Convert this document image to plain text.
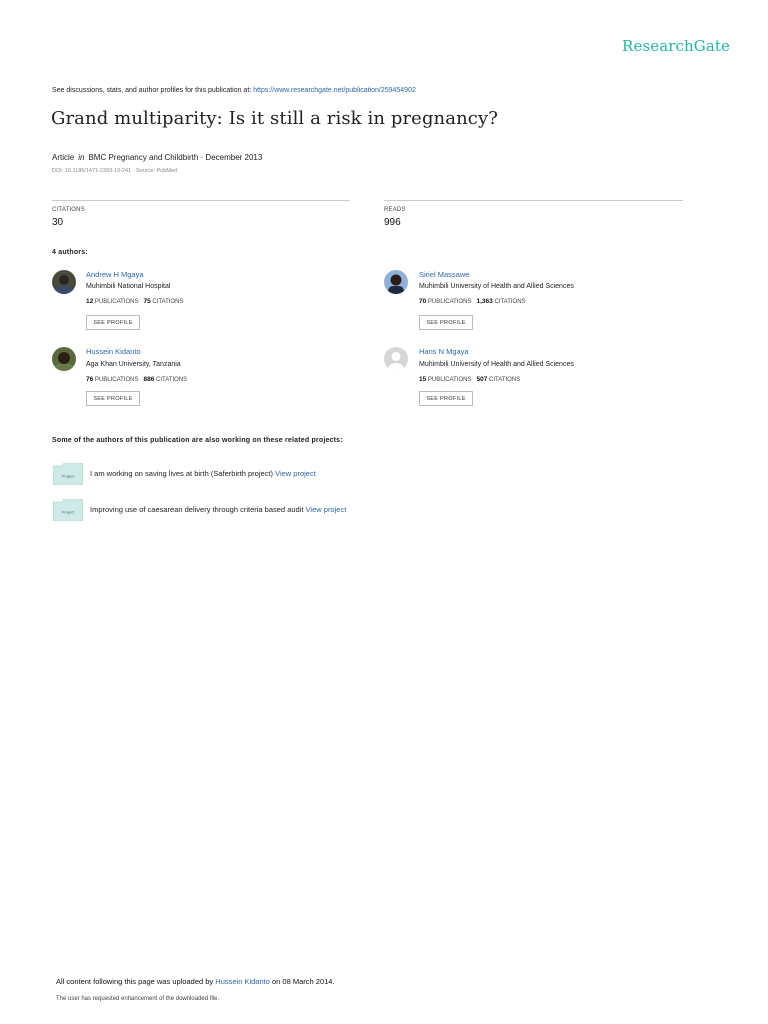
ResearchGate
See discussions, stats, and author profiles for this publication at: https://www.researchgate.net/publication/259454902
Grand multiparity: Is it still a risk in pregnancy?
Article in BMC Pregnancy and Childbirth · December 2013
DOI: 10.1186/1471-2393-13-241 · Source: PubMed
CITATIONS
30
READS
996
4 authors:
Andrew H Mgaya
Muhimbili National Hospital
12 PUBLICATIONS 75 CITATIONS
SEE PROFILE
Siriel Massawe
Muhimbili University of Health and Allied Sciences
70 PUBLICATIONS 1,363 CITATIONS
SEE PROFILE
Hussein Kidanto
Aga Khan University, Tanzania
76 PUBLICATIONS 886 CITATIONS
SEE PROFILE
Hans N Mgaya
Muhimbili University of Health and Allied Sciences
15 PUBLICATIONS 507 CITATIONS
SEE PROFILE
Some of the authors of this publication are also working on these related projects:
Project I am working on saving lives at birth (Saferbirth project) View project
Project Improving use of caesarean delivery through criteria based audit View project
All content following this page was uploaded by Hussein Kidanto on 08 March 2014.
The user has requested enhancement of the downloaded file.
